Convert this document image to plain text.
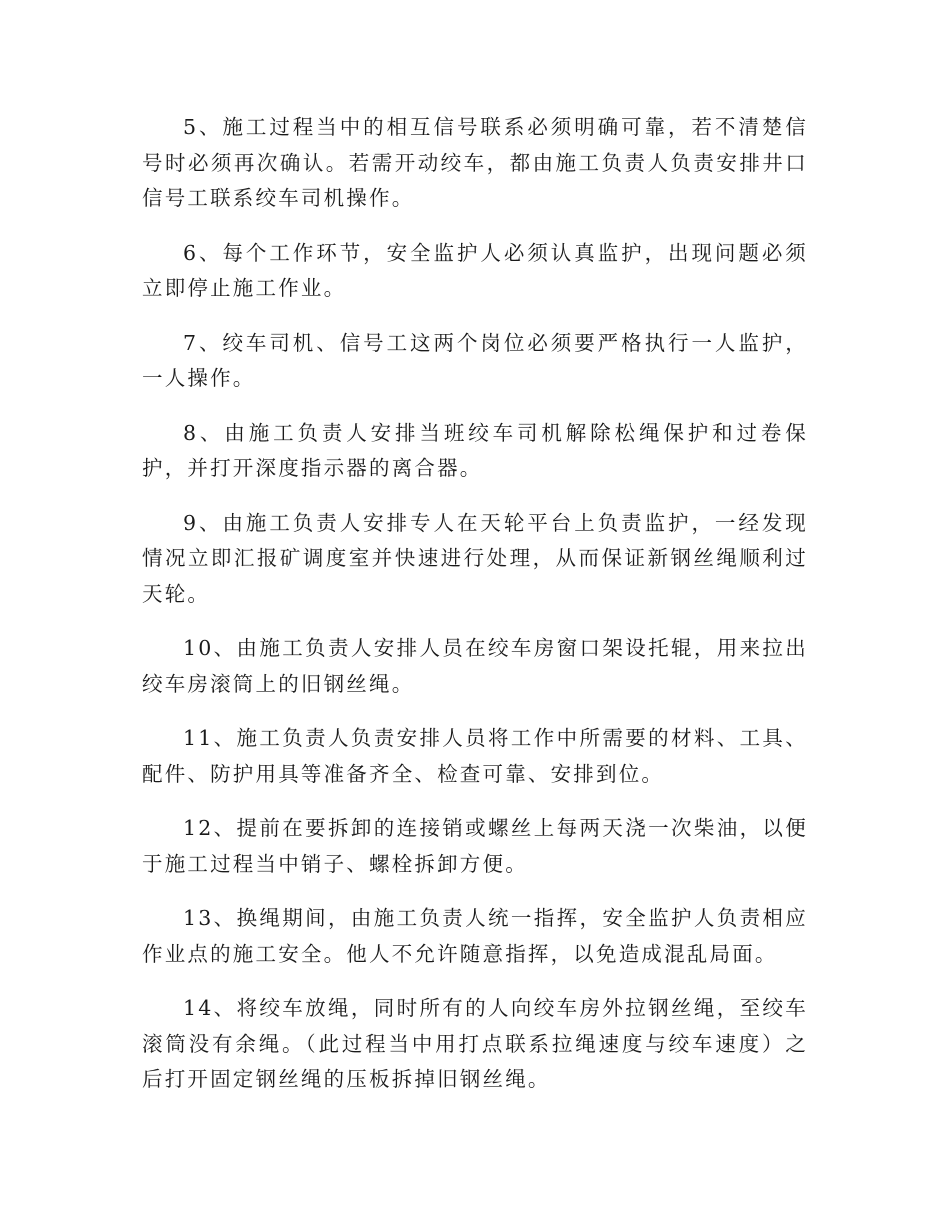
5、施工过程当中的相互信号联系必须明确可靠，若不清楚信号时必须再次确认。若需开动绞车，都由施工负责人负责安排井口信号工联系绞车司机操作。

6、每个工作环节，安全监护人必须认真监护，出现问题必须立即停止施工作业。

7、绞车司机、信号工这两个岗位必须要严格执行一人监护，一人操作。

8、由施工负责人安排当班绞车司机解除松绳保护和过卷保护，并打开深度指示器的离合器。

9、由施工负责人安排专人在天轮平台上负责监护，一经发现情况立即汇报矿调度室并快速进行处理，从而保证新钢丝绳顺利过天轮。

10、由施工负责人安排人员在绞车房窗口架设托辊，用来拉出绞车房滚筒上的旧钢丝绳。

11、施工负责人负责安排人员将工作中所需要的材料、工具、配件、防护用具等准备齐全、检查可靠、安排到位。

12、提前在要拆卸的连接销或螺丝上每两天浇一次柴油，以便于施工过程当中销子、螺栓拆卸方便。

13、换绳期间，由施工负责人统一指挥，安全监护人负责相应作业点的施工安全。他人不允许随意指挥，以免造成混乱局面。

14、将绞车放绳，同时所有的人向绞车房外拉钢丝绳，至绞车滚筒没有余绳。（此过程当中用打点联系拉绳速度与绞车速度）之后打开固定钢丝绳的压板拆掉旧钢丝绳。
